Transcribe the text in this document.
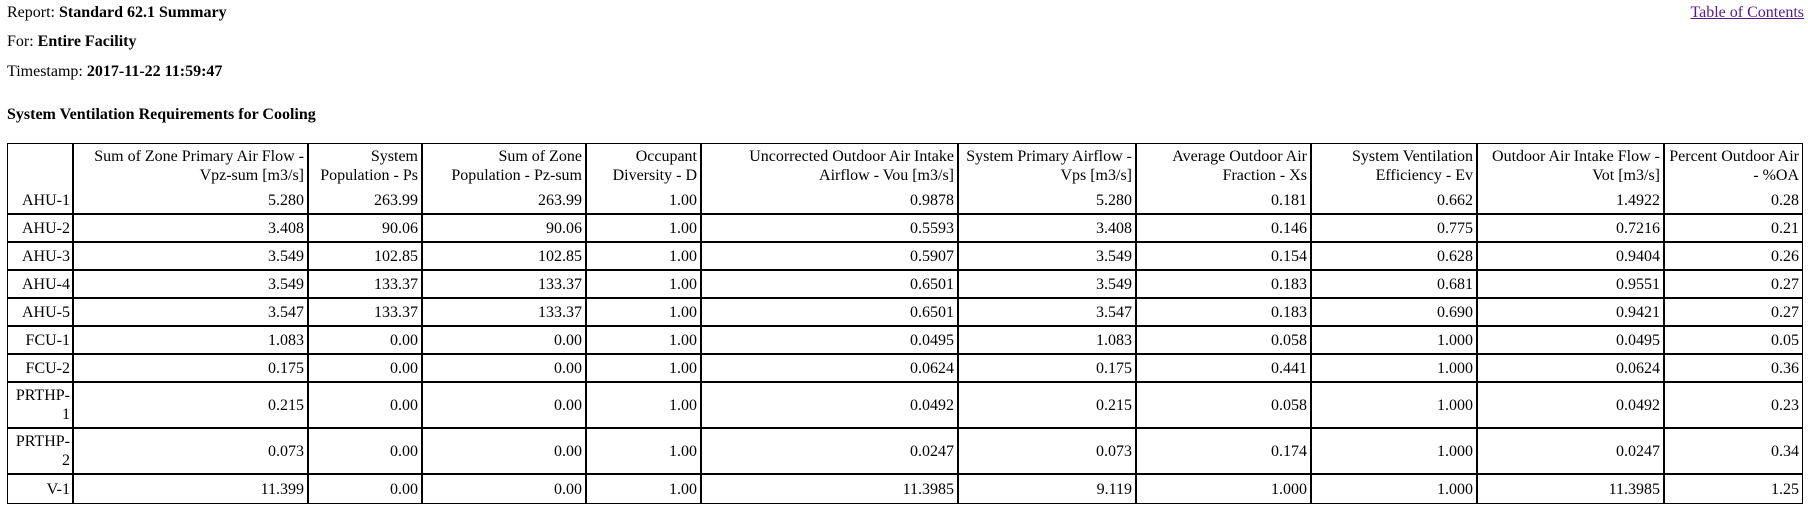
Report: Standard 62.1 Summary

For: Entire Facility

Timestamp: 2017-11-22 11:59:47

Table of Contents

System Ventilation Requirements for Cooling

	Sum of Zone Primary Air Flow - Vpz-sum [m3/s]	System Population - Ps	Sum of Zone Population - Pz-sum	Occupant Diversity - D	Uncorrected Outdoor Air Intake Airflow - Vou [m3/s]	System Primary Airflow - Vps [m3/s]	Average Outdoor Air Fraction - Xs	System Ventilation Efficiency - Ev	Outdoor Air Intake Flow - Vot [m3/s]	Percent Outdoor Air - %OA
AHU-1	5.280	263.99	263.99	1.00	0.9878	5.280	0.181	0.662	1.4922	0.28
AHU-2	3.408	90.06	90.06	1.00	0.5593	3.408	0.146	0.775	0.7216	0.21
AHU-3	3.549	102.85	102.85	1.00	0.5907	3.549	0.154	0.628	0.9404	0.26
AHU-4	3.549	133.37	133.37	1.00	0.6501	3.549	0.183	0.681	0.9551	0.27
AHU-5	3.547	133.37	133.37	1.00	0.6501	3.547	0.183	0.690	0.9421	0.27
FCU-1	1.083	0.00	0.00	1.00	0.0495	1.083	0.058	1.000	0.0495	0.05
FCU-2	0.175	0.00	0.00	1.00	0.0624	0.175	0.441	1.000	0.0624	0.36
PRTHP-1	0.215	0.00	0.00	1.00	0.0492	0.215	0.058	1.000	0.0492	0.23
PRTHP-2	0.073	0.00	0.00	1.00	0.0247	0.073	0.174	1.000	0.0247	0.34
V-1	11.399	0.00	0.00	1.00	11.3985	9.119	1.000	1.000	11.3985	1.25
